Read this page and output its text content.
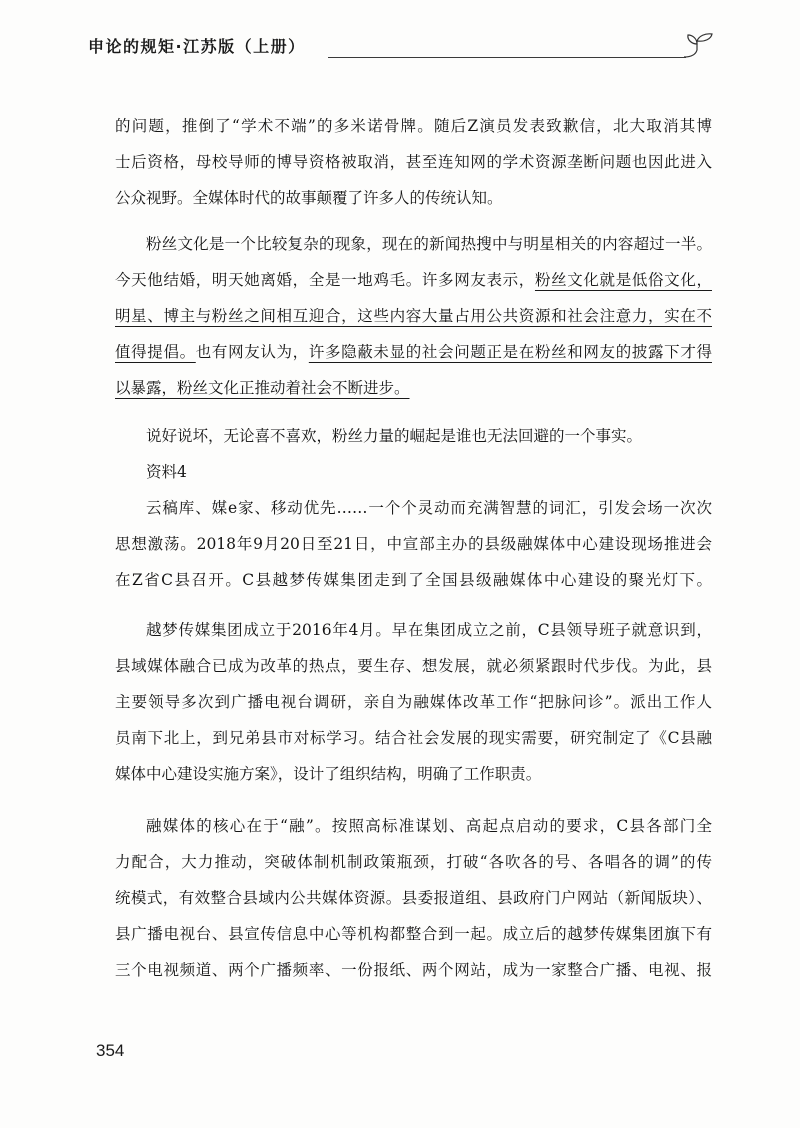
申论的规矩·江苏版（上册）
的问题，推倒了“学术不端”的多米诺骨牌。随后Z演员发表致歉信，北大取消其博
士后资格，母校导师的博导资格被取消，甚至连知网的学术资源垄断问题也因此进入
公众视野。全媒体时代的故事颠覆了许多人的传统认知。
粉丝文化是一个比较复杂的现象，现在的新闻热搜中与明星相关的内容超过一半。
今天他结婚，明天她离婚，全是一地鸡毛。许多网友表示，粉丝文化就是低俗文化，
明星、博主与粉丝之间相互迎合，这些内容大量占用公共资源和社会注意力，实在不
值得提倡。也有网友认为，许多隐蔽未显的社会问题正是在粉丝和网友的披露下才得
以暴露，粉丝文化正推动着社会不断进步。
说好说坏，无论喜不喜欢，粉丝力量的崛起是谁也无法回避的一个事实。
资料4
云稿库、媒e家、移动优先……一个个灵动而充满智慧的词汇，引发会场一次次
思想激荡。2018年9月20日至21日，中宣部主办的县级融媒体中心建设现场推进会
在Z省C县召开。C县越梦传媒集团走到了全国县级融媒体中心建设的聚光灯下。
越梦传媒集团成立于2016年4月。早在集团成立之前，C县领导班子就意识到，
县域媒体融合已成为改革的热点，要生存、想发展，就必须紧跟时代步伐。为此，县
主要领导多次到广播电视台调研，亲自为融媒体改革工作“把脉问诊”。派出工作人
员南下北上，到兄弟县市对标学习。结合社会发展的现实需要，研究制定了《C县融
媒体中心建设实施方案》，设计了组织结构，明确了工作职责。
融媒体的核心在于“融”。按照高标准谋划、高起点启动的要求，C县各部门全
力配合，大力推动，突破体制机制政策瓶颈，打破“各吹各的号、各唱各的调”的传
统模式，有效整合县域内公共媒体资源。县委报道组、县政府门户网站（新闻版块）、
县广播电视台、县宣传信息中心等机构都整合到一起。成立后的越梦传媒集团旗下有
三个电视频道、两个广播频率、一份报纸、两个网站，成为一家整合广播、电视、报
354
